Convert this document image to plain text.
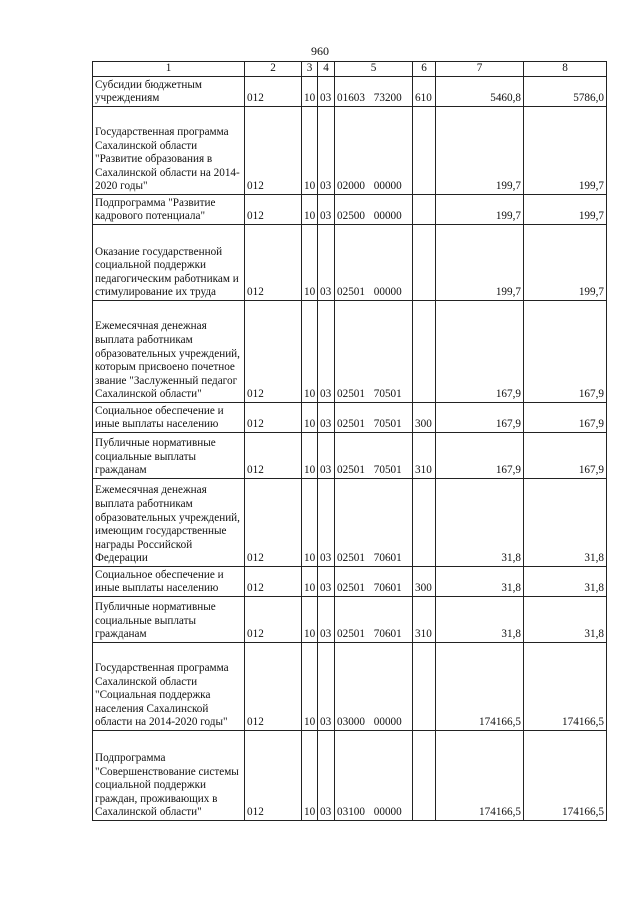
960
1	2	3	4	5	6	7	8
Субсидии бюджетным учреждениям	012	10	03	01603 73200	610	5460,8	5786,0
Государственная программа Сахалинской области "Развитие образования в Сахалинской области на 2014-2020 годы"	012	10	03	02000 00000		199,7	199,7
Подпрограмма "Развитие кадрового потенциала"	012	10	03	02500 00000		199,7	199,7
Оказание государственной социальной поддержки педагогическим работникам и стимулирование их труда	012	10	03	02501 00000		199,7	199,7
Ежемесячная денежная выплата работникам образовательных учреждений, которым присвоено почетное звание "Заслуженный педагог Сахалинской области"	012	10	03	02501 70501		167,9	167,9
Социальное обеспечение и иные выплаты населению	012	10	03	02501 70501	300	167,9	167,9
Публичные нормативные социальные выплаты гражданам	012	10	03	02501 70501	310	167,9	167,9
Ежемесячная денежная выплата работникам образовательных учреждений, имеющим государственные награды Российской Федерации	012	10	03	02501 70601		31,8	31,8
Социальное обеспечение и иные выплаты населению	012	10	03	02501 70601	300	31,8	31,8
Публичные нормативные социальные выплаты гражданам	012	10	03	02501 70601	310	31,8	31,8
Государственная программа Сахалинской области "Социальная поддержка населения Сахалинской области на 2014-2020 годы"	012	10	03	03000 00000		174166,5	174166,5
Подпрограмма "Совершенствование системы социальной поддержки граждан, проживающих в Сахалинской области"	012	10	03	03100 00000		174166,5	174166,5
